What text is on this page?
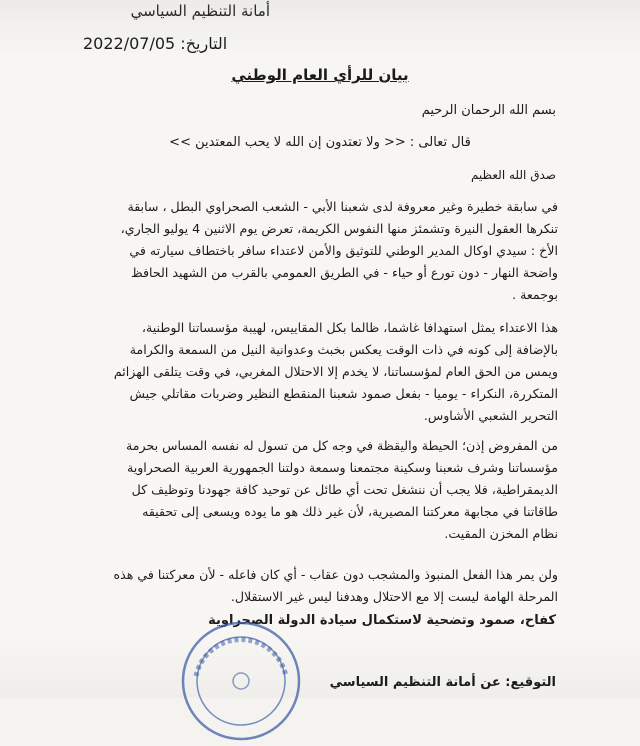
أمانة التنظيم السياسي
التاريخ: 2022/07/05
بيان للرأي العام الوطني
بسم الله الرحمان الرحيم
قال تعالى : << ولا تعتدون إن الله لا يحب المعتدين >>
صدق الله العظيم

في سابقة خطيرة وغير معروفة لدى شعبنا الأبي - الشعب الصحراوي البطل ، سابقة
تنكرها العقول النيرة وتشمئز منها النفوس الكريمة، تعرض يوم الاثنين 4 يوليو الجاري،
الأخ : سيدي اوكال المدير الوطني للتوثيق والأمن لاعتداء سافر باختطاف سيارته في
واضحة النهار - دون تورع أو حياء - في الطريق العمومي بالقرب من الشهيد الحافظ
بوجمعة .

هذا الاعتداء يمثل استهدافا غاشما، ظالما بكل المقاييس، لهيبة مؤسساتنا الوطنية،
بالإضافة إلى كونه في ذات الوقت يعكس بخبث وعدوانية النيل من السمعة والكرامة
ويمس من الحق العام لمؤسساتنا، لا يخدم إلا الاحتلال المغربي، في وقت يتلقى الهزائم
المتكررة، النكراء - يوميا - بفعل صمود شعبنا المنقطع النظير وضربات مقاتلي جيش
التحرير الشعبي الأشاوس.

من المفروض إذن؛ الحيطة واليقظة في وجه كل من تسول له نفسه المساس بحرمة
مؤسساتنا وشرف شعبنا وسكينة مجتمعنا وسمعة دولتنا الجمهورية العربية الصحراوية
الديمقراطية، فلا يجب أن ننشغل تحت أي طائل عن توحيد كافة جهودنا وتوظيف كل
طاقاتنا في مجابهة معركتنا المصيرية، لأن غير ذلك هو ما يوده ويسعى إلى تحقيقه
نظام المخزن المقيت.

ولن يمر هذا الفعل المنبوذ والمشجب دون عقاب - أي كان فاعله - لأن معركتنا في هذه
المرحلة الهامة ليست إلا مع الاحتلال وهدفنا ليس غير الاستقلال.

كفاح، صمود وتضحية لاستكمال سيادة الدولة الصحراوية
التوقيع: عن أمانة التنظيم السياسي
